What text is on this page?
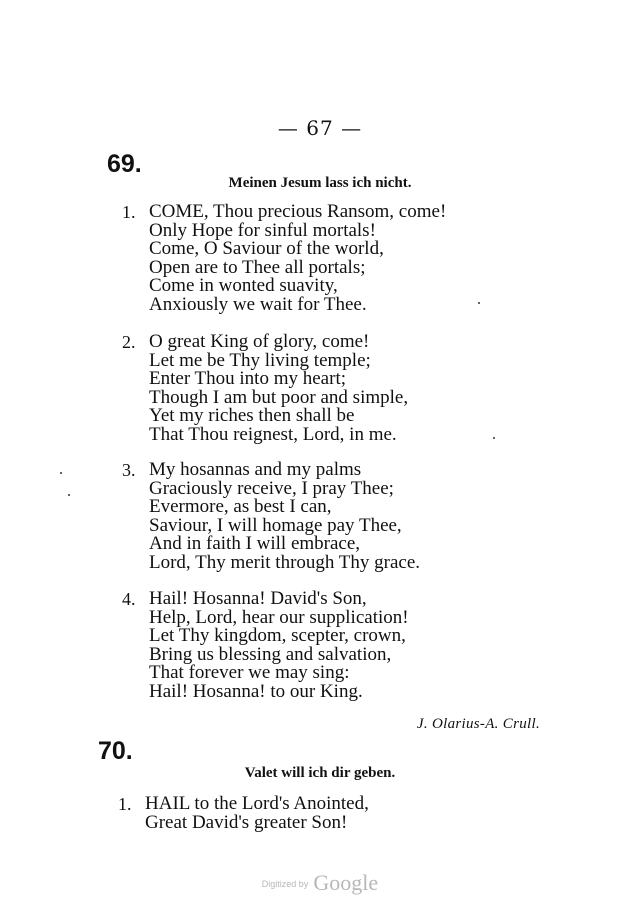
— 67 —
69.
Meinen Jesum lass ich nicht.
1. COME, Thou precious Ransom, come!
Only Hope for sinful mortals!
Come, O Saviour of the world,
Open are to Thee all portals;
Come in wonted suavity,
Anxiously we wait for Thee.
2. O great King of glory, come!
Let me be Thy living temple;
Enter Thou into my heart;
Though I am but poor and simple,
Yet my riches then shall be
That Thou reignest, Lord, in me.
3. My hosannas and my palms
Graciously receive, I pray Thee;
Evermore, as best I can,
Saviour, I will homage pay Thee,
And in faith I will embrace,
Lord, Thy merit through Thy grace.
4. Hail! Hosanna! David's Son,
Help, Lord, hear our supplication!
Let Thy kingdom, scepter, crown,
Bring us blessing and salvation,
That forever we may sing:
Hail! Hosanna! to our King.
J. Olarius-A. Crull.
70.
Valet will ich dir geben.
1. HAIL to the Lord's Anointed,
Great David's greater Son!
Digitized by Google
